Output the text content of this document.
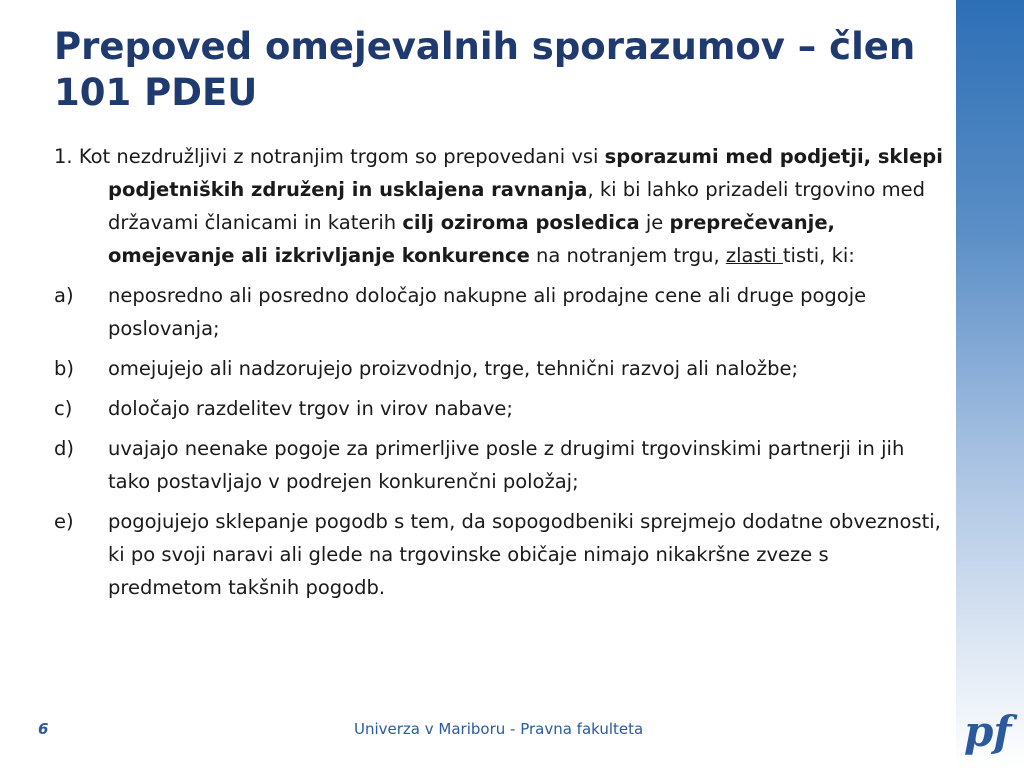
Prepoved omejevalnih sporazumov – člen 101 PDEU

1. Kot nezdružljivi z notranjim trgom so prepovedani vsi sporazumi med podjetji, sklepi podjetniških združenj in usklajena ravnanja, ki bi lahko prizadeli trgovino med državami članicami in katerih cilj oziroma posledica je preprečevanje, omejevanje ali izkrivljanje konkurence na notranjem trgu, zlasti tisti, ki:

a) neposredno ali posredno določajo nakupne ali prodajne cene ali druge pogoje poslovanja;

b) omejujejo ali nadzorujejo proizvodnjo, trge, tehnični razvoj ali naložbe;

c) določajo razdelitev trgov in virov nabave;

d) uvajajo neenake pogoje za primerljive posle z drugimi trgovinskimi partnerji in jih tako postavljajo v podrejen konkurenčni položaj;

e) pogojujejo sklepanje pogodb s tem, da sopogodbeniki sprejmejo dodatne obveznosti, ki po svoji naravi ali glede na trgovinske običaje nimajo nikakršne zveze s predmetom takšnih pogodb.

6	Univerza v Mariboru - Pravna fakulteta	pf
